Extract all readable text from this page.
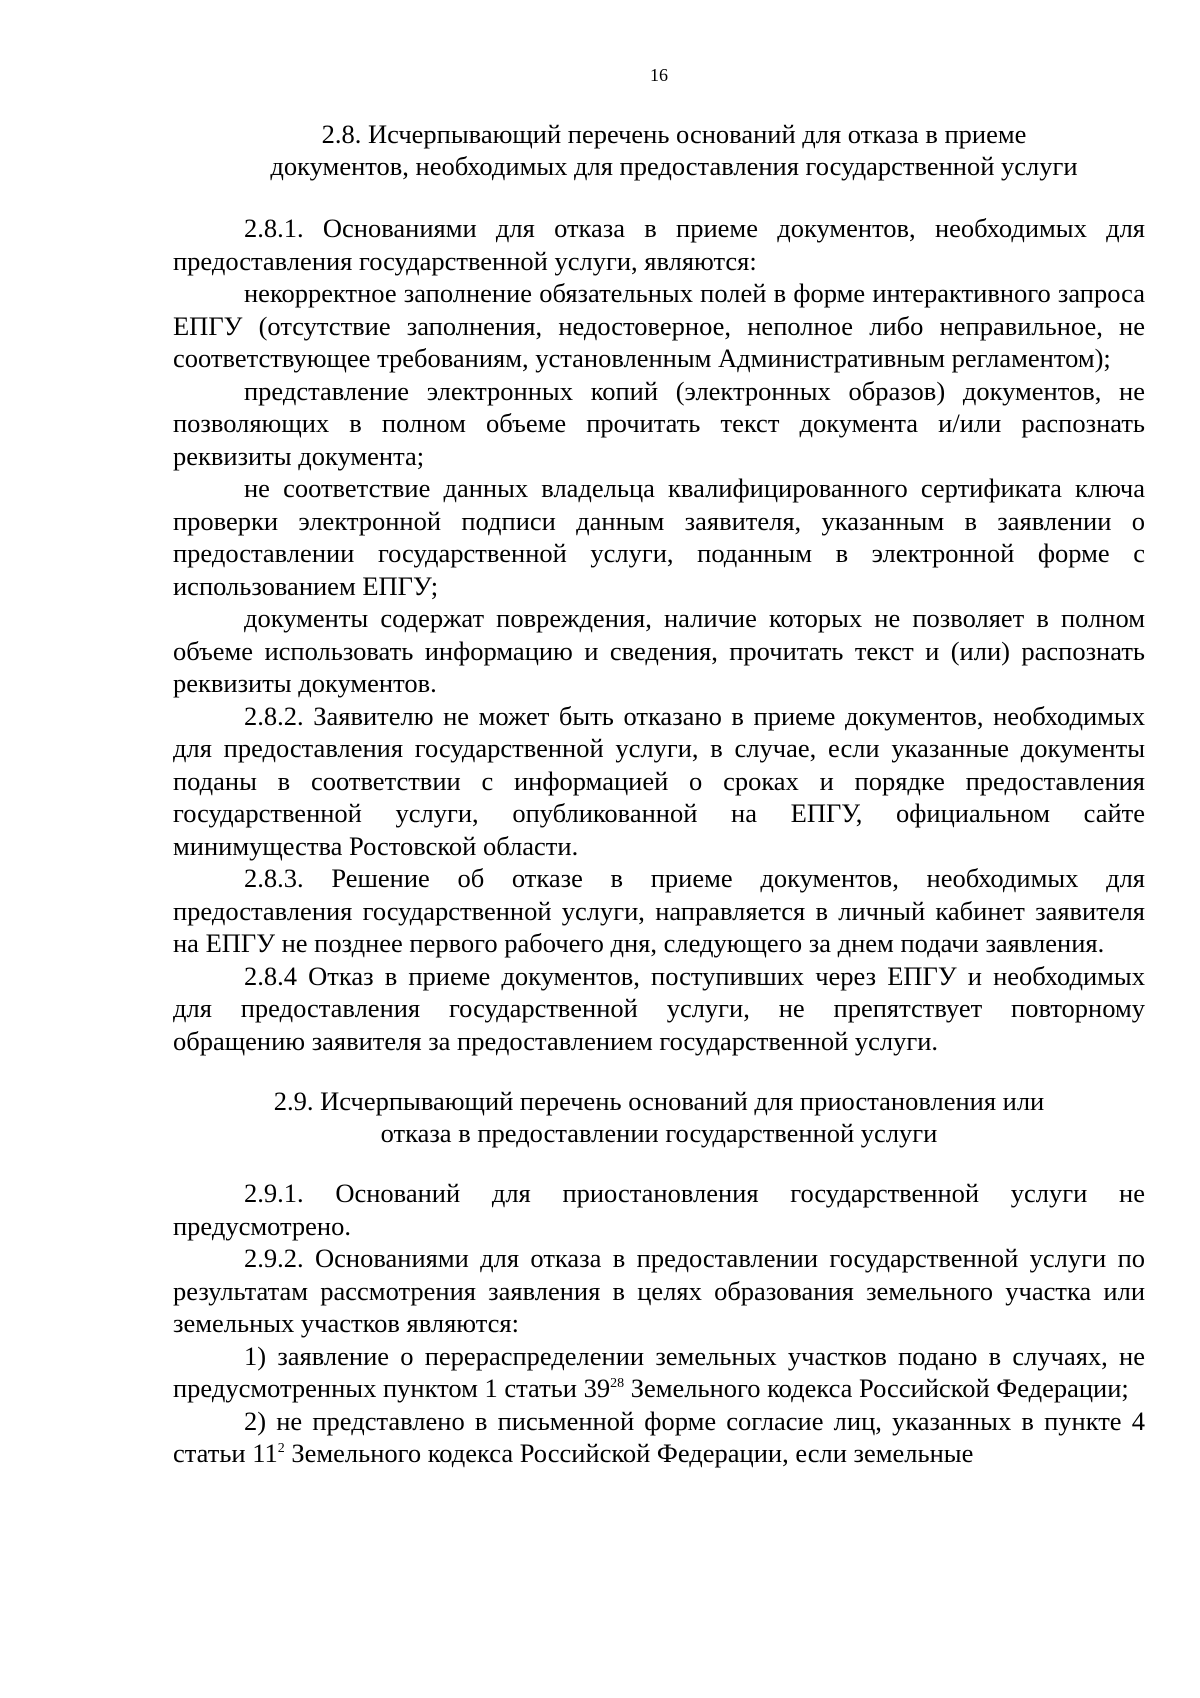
16
2.8. Исчерпывающий перечень оснований для отказа в приеме
документов, необходимых для предоставления государственной услуги

2.8.1. Основаниями для отказа в приеме документов, необходимых для предоставления государственной услуги, являются:

некорректное заполнение обязательных полей в форме интерактивного запроса ЕПГУ (отсутствие заполнения, недостоверное, неполное либо неправильное, не соответствующее требованиям, установленным Административным регламентом);

представление электронных копий (электронных образов) документов, не позволяющих в полном объеме прочитать текст документа и/или распознать реквизиты документа;

не соответствие данных владельца квалифицированного сертификата ключа проверки электронной подписи данным заявителя, указанным в заявлении о предоставлении государственной услуги, поданным в электронной форме с использованием ЕПГУ;

документы содержат повреждения, наличие которых не позволяет в полном объеме использовать информацию и сведения, прочитать текст и (или) распознать реквизиты документов.

2.8.2. Заявителю не может быть отказано в приеме документов, необходимых для предоставления государственной услуги, в случае, если указанные документы поданы в соответствии с информацией о сроках и порядке предоставления государственной услуги, опубликованной на ЕПГУ, официальном сайте минимущества Ростовской области.

2.8.3. Решение об отказе в приеме документов, необходимых для предоставления государственной услуги, направляется в личный кабинет заявителя на ЕПГУ не позднее первого рабочего дня, следующего за днем подачи заявления.

2.8.4 Отказ в приеме документов, поступивших через ЕПГУ и необходимых для предоставления государственной услуги, не препятствует повторному обращению заявителя за предоставлением государственной услуги.

2.9. Исчерпывающий перечень оснований для приостановления или
отказа в предоставлении государственной услуги

2.9.1. Оснований для приостановления государственной услуги не предусмотрено.

2.9.2. Основаниями для отказа в предоставлении государственной услуги по результатам рассмотрения заявления в целях образования земельного участка или земельных участков являются:

1) заявление о перераспределении земельных участков подано в случаях, не предусмотренных пунктом 1 статьи $39^{28}$ Земельного кодекса Российской Федерации;

2) не представлено в письменной форме согласие лиц, указанных в пункте 4 статьи $11^2$ Земельного кодекса Российской Федерации, если земельные
